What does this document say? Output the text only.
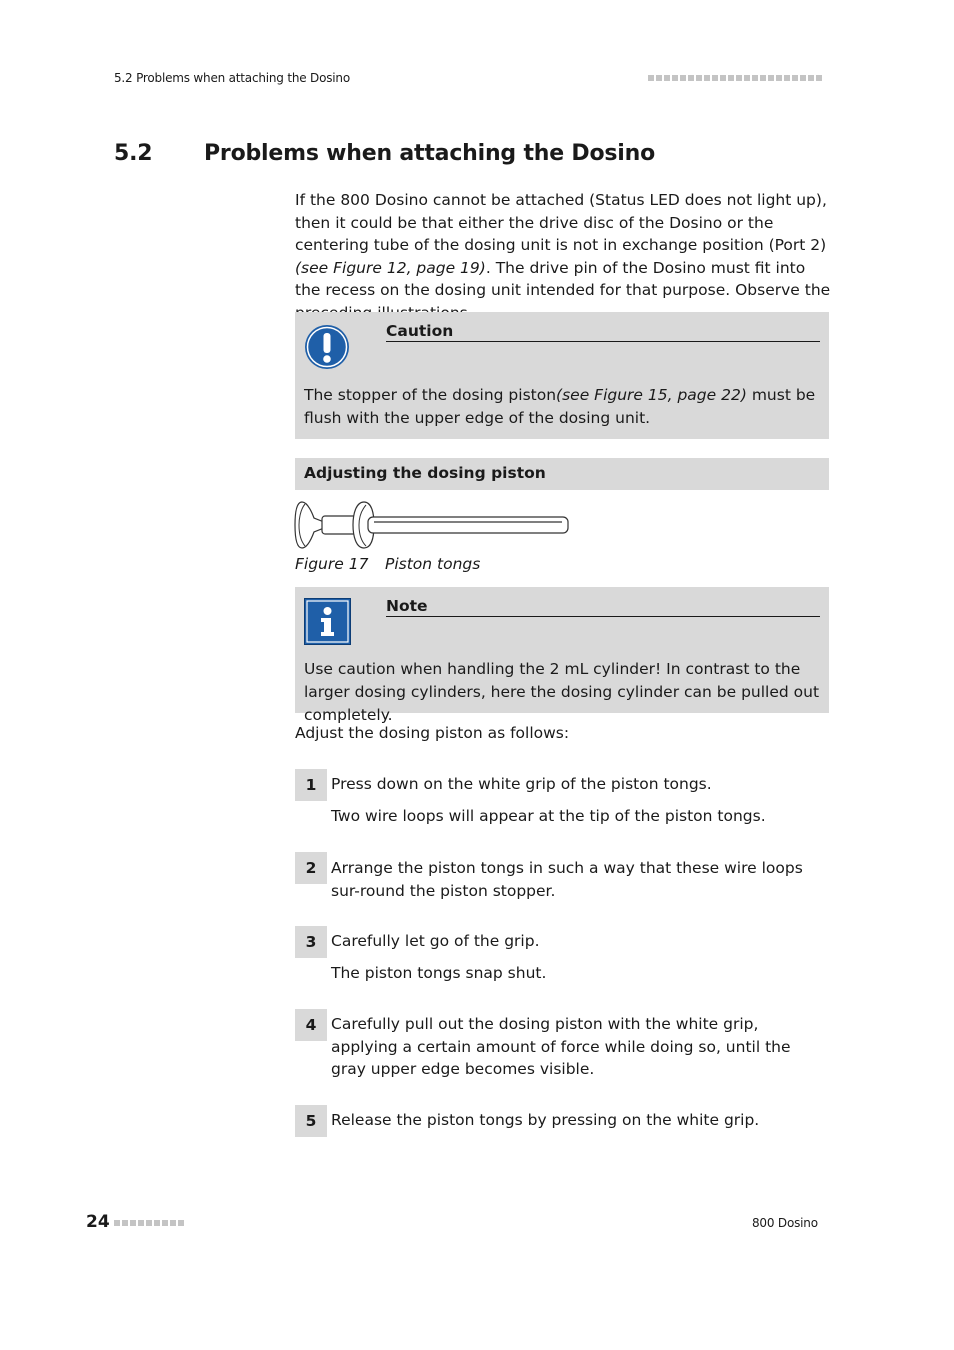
5.2 Problems when attaching the Dosino
5.2 Problems when attaching the Dosino
If the 800 Dosino cannot be attached (Status LED does not light up), then it could be that either the drive disc of the Dosino or the centering tube of the dosing unit is not in exchange position (Port 2) (see Figure 12, page 19). The drive pin of the Dosino must fit into the recess on the dosing unit intended for that purpose. Observe the
Caution
The stopper of the dosing piston(see Figure 15, page 22) must be flush with the upper edge of the dosing unit.
Adjusting the dosing piston
Figure 17 Piston tongs
Note
Use caution when handling the 2 mL cylinder! In contrast to the larger dosing cylinders, here the dosing cylinder can be pulled out completely.
Adjust the dosing piston as follows:
1 Press down on the white grip of the piston tongs.
Two wire loops will appear at the tip of the piston tongs.
2 Arrange the piston tongs in such a way that these wire loops sur-round the piston stopper.
3 Carefully let go of the grip.
The piston tongs snap shut.
4 Carefully pull out the dosing piston with the white grip, applying a certain amount of force while doing so, until the gray upper edge becomes visible.
5 Release the piston tongs by pressing on the white grip.
24	800 Dosino
